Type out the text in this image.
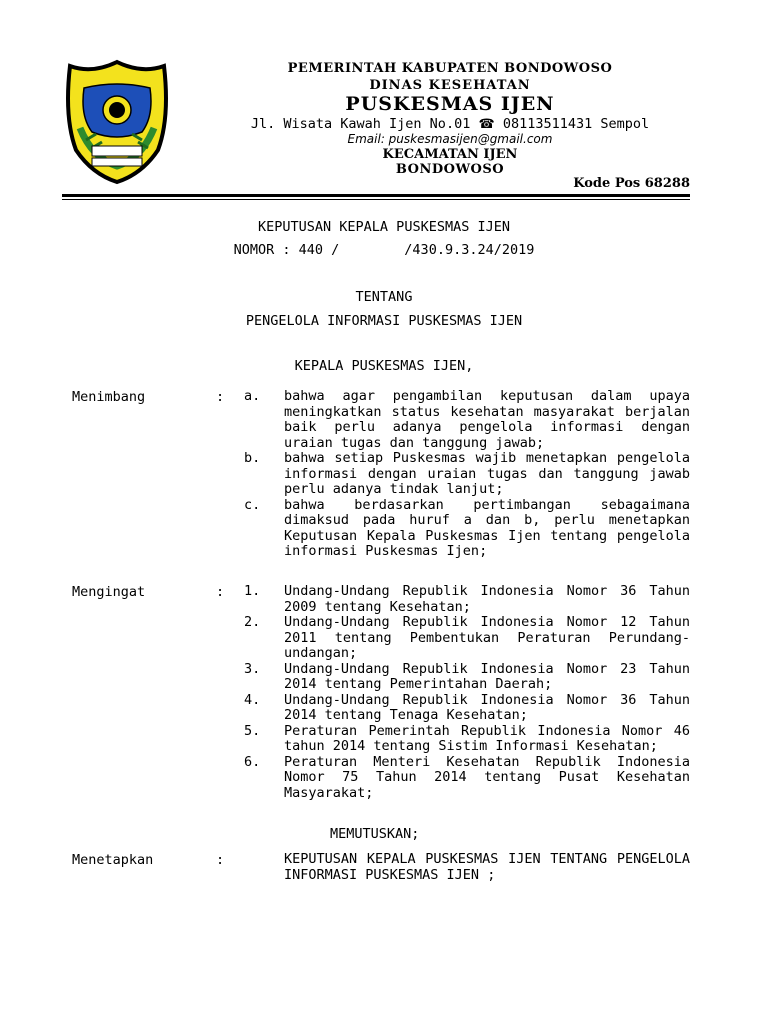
PEMERINTAH KABUPATEN BONDOWOSO
DINAS KESEHATAN
PUSKESMAS IJEN
Jl. Wisata Kawah Ijen No.01 ☎ 08113511431 Sempol
Email: puskesmasijen@gmail.com
KECAMATAN IJEN
BONDOWOSO
Kode Pos 68288
KEPUTUSAN KEPALA PUSKESMAS IJEN
NOMOR : 440 /        /430.9.3.24/2019
TENTANG
PENGELOLA INFORMASI PUSKESMAS IJEN
KEPALA PUSKESMAS IJEN,
Menimbang	: a.	bahwa agar pengambilan keputusan dalam upaya meningkatkan status kesehatan masyarakat berjalan baik perlu adanya pengelola informasi dengan uraian tugas dan tanggung jawab;
b.	bahwa setiap Puskesmas wajib menetapkan pengelola informasi dengan uraian tugas dan tanggung jawab perlu adanya tindak lanjut;
c.	bahwa berdasarkan pertimbangan sebagaimana dimaksud pada huruf a dan b, perlu menetapkan Keputusan Kepala Puskesmas Ijen tentang pengelola informasi Puskesmas Ijen;
Mengingat	: 1.	Undang-Undang Republik Indonesia Nomor 36 Tahun 2009 tentang Kesehatan;
2.	Undang-Undang Republik Indonesia Nomor 12 Tahun 2011 tentang Pembentukan Peraturan Perundang-undangan;
3.	Undang-Undang Republik Indonesia Nomor 23 Tahun 2014 tentang Pemerintahan Daerah;
4.	Undang-Undang Republik Indonesia Nomor 36 Tahun 2014 tentang Tenaga Kesehatan;
5.	Peraturan Pemerintah Republik Indonesia Nomor 46 tahun 2014 tentang Sistim Informasi Kesehatan;
6.	Peraturan Menteri Kesehatan Republik Indonesia Nomor 75 Tahun 2014 tentang Pusat Kesehatan Masyarakat;
MEMUTUSKAN;
Menetapkan	:	KEPUTUSAN KEPALA PUSKESMAS IJEN TENTANG PENGELOLA INFORMASI PUSKESMAS IJEN ;
